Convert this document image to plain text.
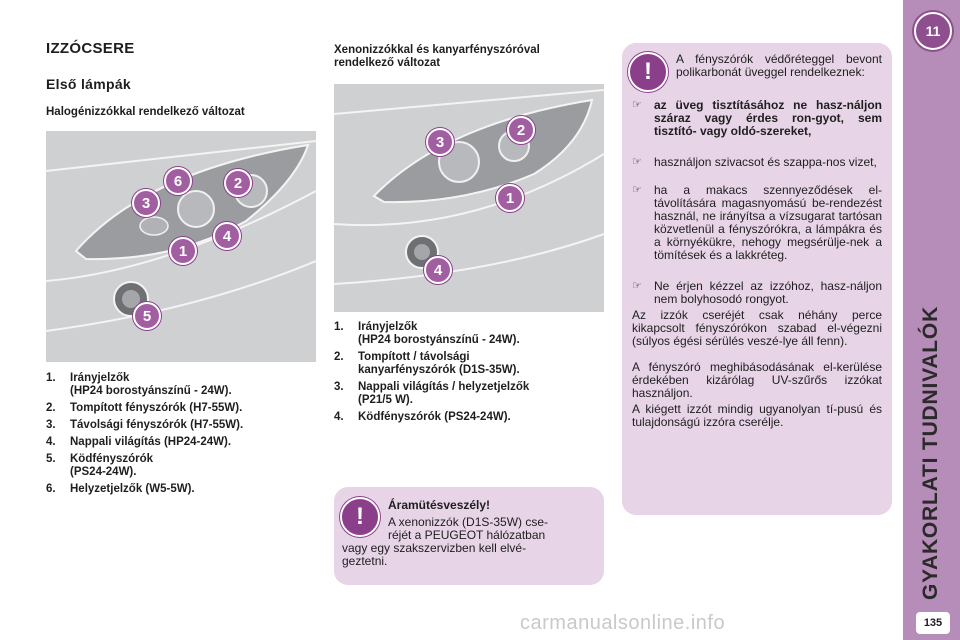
IZZÓCSERE
Első lámpák
Halogénizzókkal rendelkező változat
6	2
3
4
1
5
1.	Irányjelzők
(HP24 borostyánszínű - 24W).
2.	Tompított fényszórók (H7-55W).
3.	Távolsági fényszórók (H7-55W).
4.	Nappali világítás (HP24-24W).
5.	Ködfényszórók
(PS24-24W).
6.	Helyzetjelzők (W5-5W).
Xenonizzókkal és kanyarfényszóróval
rendelkező változat
3
2
1
4
1.	Irányjelzők
(HP24 borostyánszínű - 24W).
2.	Tompított / távolsági
kanyarfényszórók (D1S-35W).
3.	Nappali világítás / helyzetjelzők
(P21/5 W).
4.	Ködfényszórók (PS24-24W).
!	Áramütésveszély!
A xenonizzók (D1S-35W) cse-
réjét a PEUGEOT hálózatban
vagy egy szakszervizben kell elvé-
geztetni.
!	A fényszórók védőréteggel bevont polikarbonát üveggel rendelkeznek:

☞	az üveg tisztításához ne hasz-náljon száraz vagy érdes ron-gyot, sem tisztító- vagy oldó-szereket,
☞	használjon szivacsot és szappa-nos vizet,
☞	ha a makacs szennyeződések el-távolítására magasnyomású be-rendezést használ, ne irányítsa a vízsugarat tartósan közvetlenül a fényszórókra, a lámpákra és a környékükre, nehogy megsérülje-nek a tömítések és a lakkréteg.
☞	Ne érjen kézzel az izzóhoz, hasz-náljon nem bolyhosodó rongyot.

Az izzók cseréjét csak néhány perce kikapcsolt fényszórókon szabad el-végezni (súlyos égési sérülés veszé-lye áll fenn).

A fényszóró meghibásodásának el-kerülése érdekében kizárólag UV-szűrős izzókat használjon.

A kiégett izzót mindig ugyanolyan tí-pusú és tulajdonságú izzóra cserélje.

11
GYAKORLATI TUDNIVALÓK
135
carmanualsonline.info
